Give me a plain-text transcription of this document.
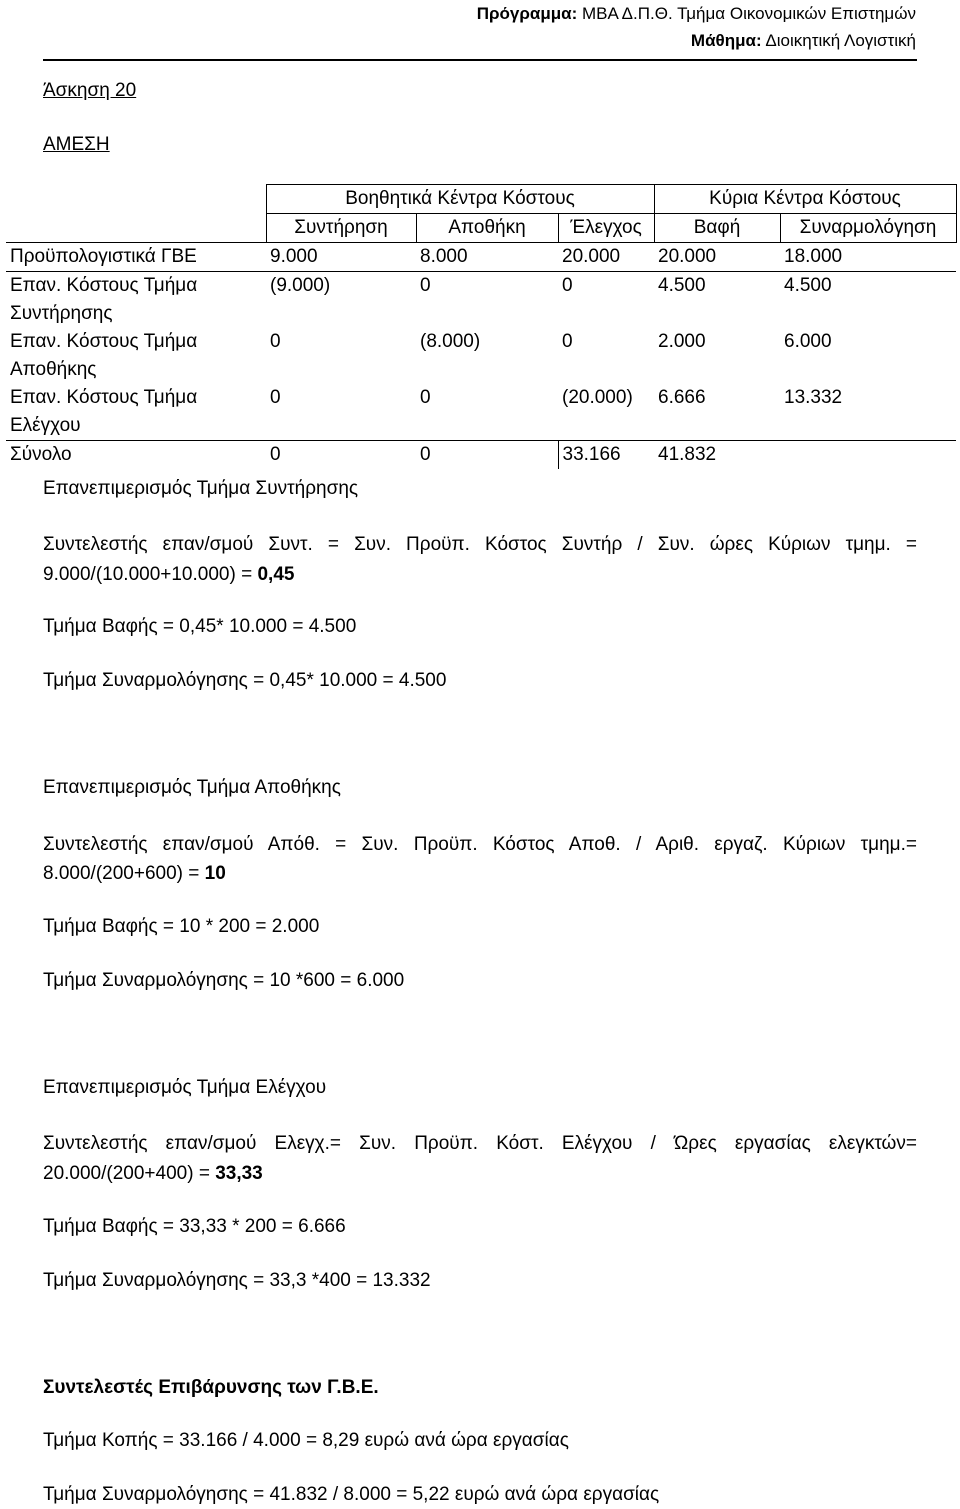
Πρόγραμμα: ΜΒΑ Δ.Π.Θ. Τμήμα Οικονομικών Επιστημών
Μάθημα: Διοικητική Λογιστική
Άσκηση 20
ΑΜΕΣΗ
	Βοηθητικά Κέντρα Κόστους			Κύρια Κέντρα Κόστους	
	Συντήρηση	Αποθήκη	Έλεγχος	Βαφή	Συναρμολόγηση
Προϋπολογιστικά ΓΒΕ	9.000	8.000	20.000	20.000	18.000

Επαν. Κόστους Τμήμα
Συντήρησης	(9.000)	0	0	4.500	4.500

Επαν. Κόστους Τμήμα
Αποθήκης	0	(8.000)	0	2.000	6.000

Επαν. Κόστους Τμήμα
Ελέγχου	0	0	(20.000)	6.666	13.332
Σύνολο	0	0	33.166	41.832	
Επανεπιμερισμός Τμήμα Συντήρησης
Συντελεστής επαν/σμού Συντ. = Συν. Προϋπ. Κόστος Συντήρ / Συν. ώρες Κύριων τμημ. =
9.000/(10.000+10.000) = 0,45
Τμήμα Βαφής = 0,45* 10.000 = 4.500
Τμήμα Συναρμολόγησης = 0,45* 10.000 = 4.500
Επανεπιμερισμός Τμήμα Αποθήκης
Συντελεστής επαν/σμού Απόθ. = Συν. Προϋπ. Κόστος Αποθ. / Αριθ. εργαζ. Κύριων τμημ.=
8.000/(200+600) = 10
Τμήμα Βαφής = 10 * 200 = 2.000
Τμήμα Συναρμολόγησης = 10 *600 = 6.000
Επανεπιμερισμός Τμήμα Ελέγχου
Συντελεστής επαν/σμού Ελεγχ.= Συν. Προϋπ. Κόστ. Ελέγχου / Ώρες εργασίας ελεγκτών=
20.000/(200+400) = 33,33
Τμήμα Βαφής = 33,33 * 200 = 6.666
Τμήμα Συναρμολόγησης = 33,3 *400 = 13.332
Συντελεστές Επιβάρυνσης των Γ.Β.Ε.
Τμήμα Κοπής = 33.166 / 4.000 = 8,29 ευρώ ανά ώρα εργασίας
Τμήμα Συναρμολόγησης = 41.832 / 8.000 = 5,22 ευρώ ανά ώρα εργασίας
